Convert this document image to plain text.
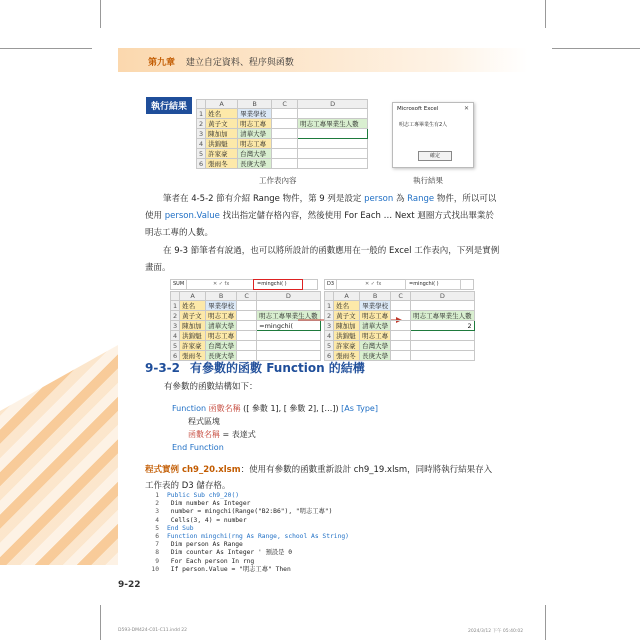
第九章 建立自定資料、程序與函數
執行結果
		A	B	C	D
1	姓名	畢業學校		
2	黃子文	明志工專		明志工專畢業生人數
3	陳加加	清華大學		
4	洪錦魁	明志工專		
5	許家豪	台灣大學		
6	張雨冬	長庚大學		
Microsoft Excel	✕
明志工專畢業生有2人
確定
工作表內容	執行結果
筆者在 4-5-2 節有介紹 Range 物件，第 9 列是設定 person 為 Range 物件，所以可以使用 person.Value 找出指定儲存格內容，然後使用 For Each … Next 迴圈方式找出畢業於明志工專的人數。
在 9-3 節筆者有說過，也可以將所設計的函數應用在一般的 Excel 工作表內，下列是實例畫面。
SUM	✕ ✓ fx	=mingchi( )
	A	B	C	D
1	姓名	畢業學校		
2	黃子文	明志工專		明志工專畢業生人數
3	陳加加	清華大學		=mingchi(
4	洪錦魁	明志工專		
5	許家豪	台灣大學		
6	張雨冬	長庚大學		
D3	✕ ✓ fx	=mingchi( )
	A	B	C	D
1	姓名	畢業學校		
2	黃子文	明志工專		明志工專畢業生人數
3	陳加加	清華大學		2
4	洪錦魁	明志工專		
5	許家豪	台灣大學		
6	張雨冬	長庚大學		
9-3-2 有參數的函數 Function 的結構
有參數的函數結構如下：
Function 函數名稱 ([ 參數 1], [ 參數 2], […]) [As Type]
程式區塊
函數名稱 = 表達式
End Function
程式實例 ch9_20.xlsm：使用有參數的函數重新設計 ch9_19.xlsm，同時將執行結果存入工作表的 D3 儲存格。
1 Public Sub ch9_20()
2 Dim number As Integer
3 number = mingchi(Range("B2:B6"), "明志工專")
4 Cells(3, 4) = number
5 End Sub
6 Function mingchi(rng As Range, school As String)
7 Dim person As Range
8 Dim counter As Integer ' 預設是 0
9 For Each person In rng
10 If person.Value = "明志工專" Then
9-22
D593-DM424-C01-C11.indd 22	2024/3/12 下午 05:40:02
